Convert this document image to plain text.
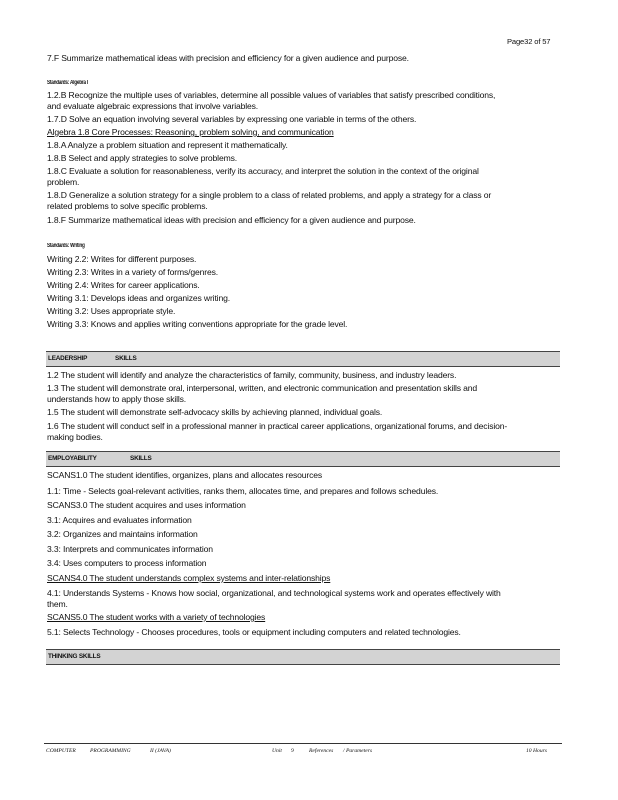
Page32 of 57
7.F Summarize mathematical ideas with precision and efficiency for a given audience and purpose.
Standards: Algebra I
1.2.B Recognize the multiple uses of variables, determine all possible values of variables that satisfy prescribed conditions,
and evaluate algebraic expressions that involve variables.
1.7.D Solve an equation involving several variables by expressing one variable in terms of the others.
Algebra 1.8 Core Processes: Reasoning, problem solving, and communication
1.8.A Analyze a problem situation and represent it mathematically.
1.8.B Select and apply strategies to solve problems.
1.8.C Evaluate a solution for reasonableness, verify its accuracy, and interpret the solution in the context of the original
problem.
1.8.D Generalize a solution strategy for a single problem to a class of related problems, and apply a strategy for a class or
related problems to solve specific problems.
1.8.F Summarize mathematical ideas with precision and efficiency for a given audience and purpose.
Standards: Writing
Writing 2.2: Writes for different purposes.
Writing 2.3: Writes in a variety of forms/genres.
Writing 2.4: Writes for career applications.
Writing 3.1: Develops ideas and organizes writing.
Writing 3.2: Uses appropriate style.
Writing 3.3: Knows and applies writing conventions appropriate for the grade level.
LEADERSHIP	SKILLS
1.2 The student will identify and analyze the characteristics of family, community, business, and industry leaders.
1.3 The student will demonstrate oral, interpersonal, written, and electronic communication and presentation skills and
understands how to apply those skills.
1.5 The student will demonstrate self-advocacy skills by achieving planned, individual goals.
1.6 The student will conduct self in a professional manner in practical career applications, organizational forums, and decision-
making bodies.
EMPLOYABILITY	SKILLS
SCANS1.0 The student identifies, organizes, plans and allocates resources
1.1: Time - Selects goal-relevant activities, ranks them, allocates time, and prepares and follows schedules.
SCANS3.0 The student acquires and uses information
3.1: Acquires and evaluates information
3.2: Organizes and maintains information
3.3: Interprets and communicates information
3.4: Uses computers to process information
SCANS4.0 The student understands complex systems and inter-relationships
4.1: Understands Systems - Knows how social, organizational, and technological systems work and operates effectively with
them.
SCANS5.0 The student works with a variety of technologies
5.1: Selects Technology - Chooses procedures, tools or equipment including computers and related technologies.
THINKING SKILLS
COMPUTER	PROGRAMMING	II (JAVA)	Unit 9	References / Parameters	10 Hours
